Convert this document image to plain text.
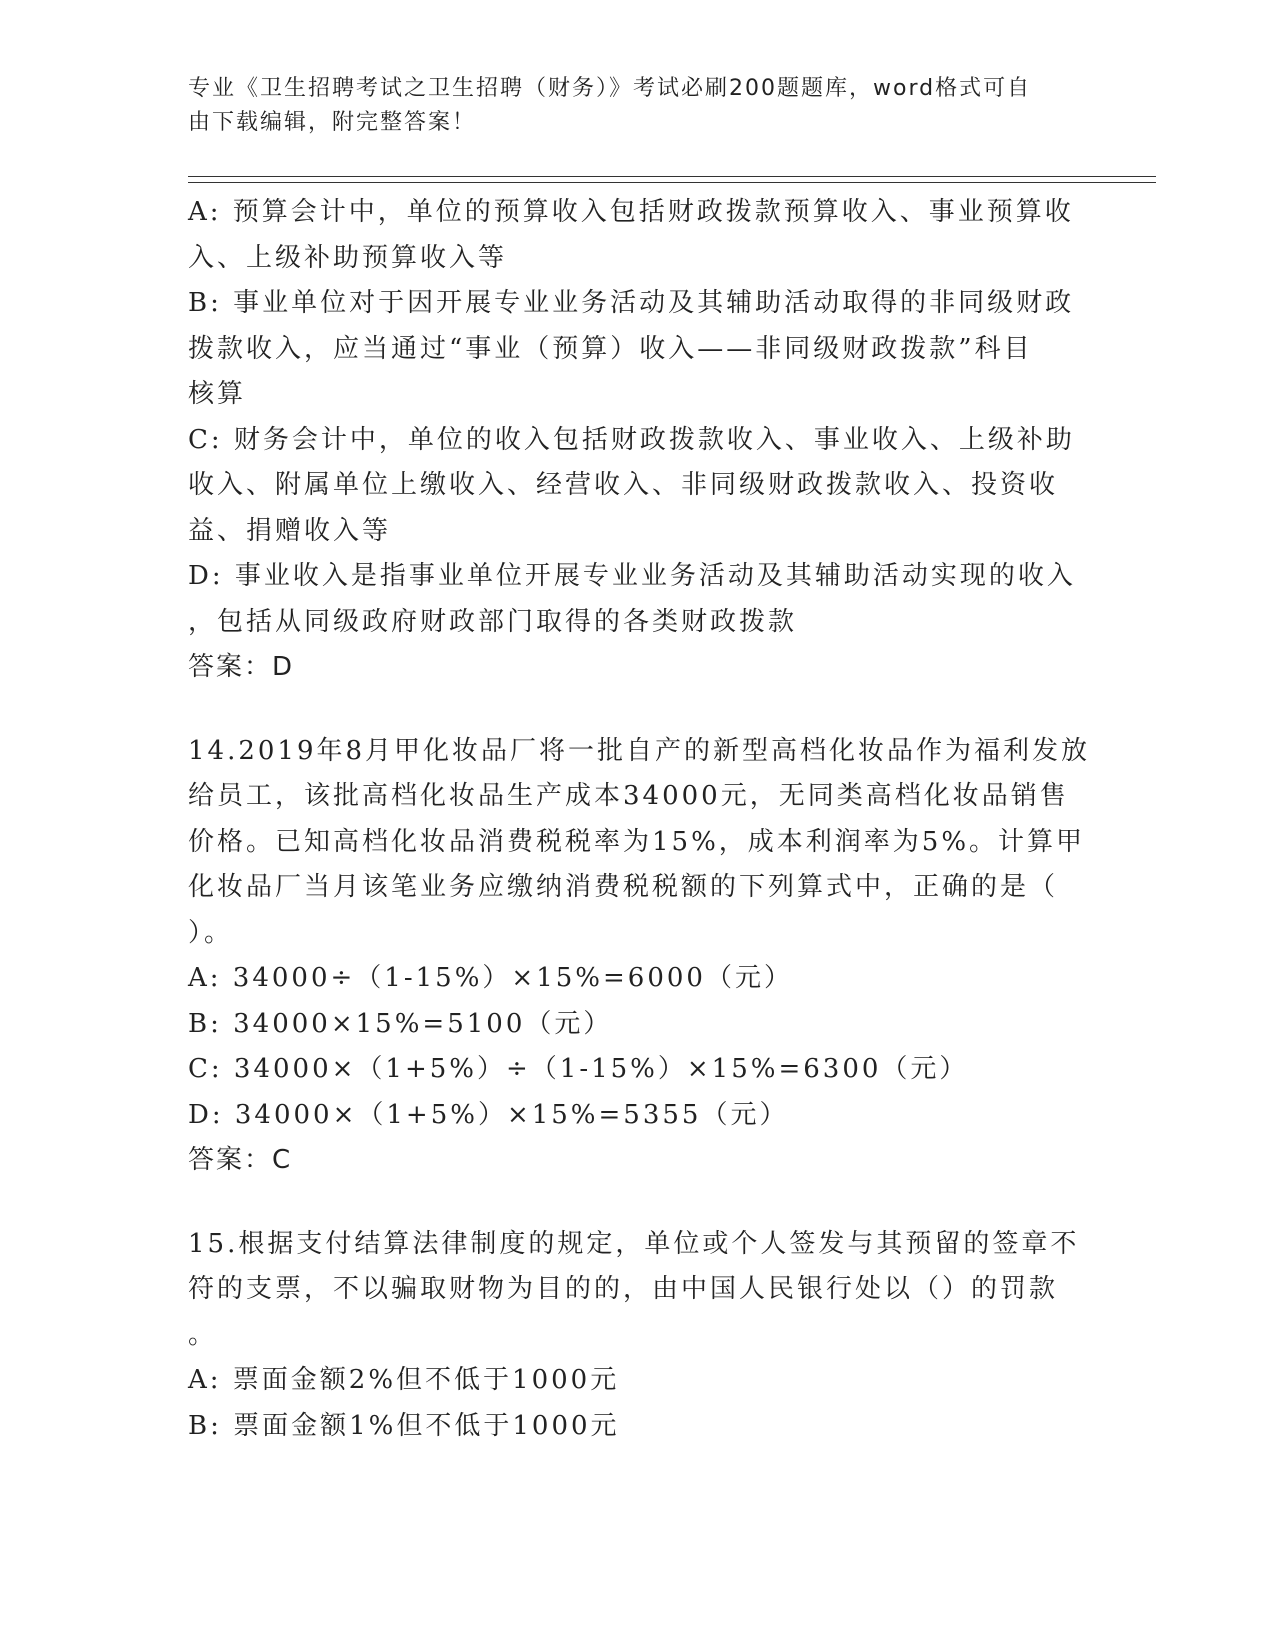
专业《卫生招聘考试之卫生招聘（财务）》考试必刷200题题库，word格式可自
由下载编辑，附完整答案！
A: 预算会计中，单位的预算收入包括财政拨款预算收入、事业预算收
入、上级补助预算收入等
B: 事业单位对于因开展专业业务活动及其辅助活动取得的非同级财政
拨款收入，应当通过“事业（预算）收入——非同级财政拨款”科目
核算
C: 财务会计中，单位的收入包括财政拨款收入、事业收入、上级补助
收入、附属单位上缴收入、经营收入、非同级财政拨款收入、投资收
益、捐赠收入等
D: 事业收入是指事业单位开展专业业务活动及其辅助活动实现的收入
，包括从同级政府财政部门取得的各类财政拨款
答案：D
14.2019年8月甲化妆品厂将一批自产的新型高档化妆品作为福利发放
给员工，该批高档化妆品生产成本34000元，无同类高档化妆品销售
价格。已知高档化妆品消费税税率为15%，成本利润率为5%。计算甲
化妆品厂当月该笔业务应缴纳消费税税额的下列算式中，正确的是（
）。
A: 34000÷（1-15%）×15%=6000（元）
B: 34000×15%=5100（元）
C: 34000×（1+5%）÷（1-15%）×15%=6300（元）
D: 34000×（1+5%）×15%=5355（元）
答案：C
15.根据支付结算法律制度的规定，单位或个人签发与其预留的签章不
符的支票，不以骗取财物为目的的，由中国人民银行处以（）的罚款
。
A: 票面金额2%但不低于1000元
B: 票面金额1%但不低于1000元
